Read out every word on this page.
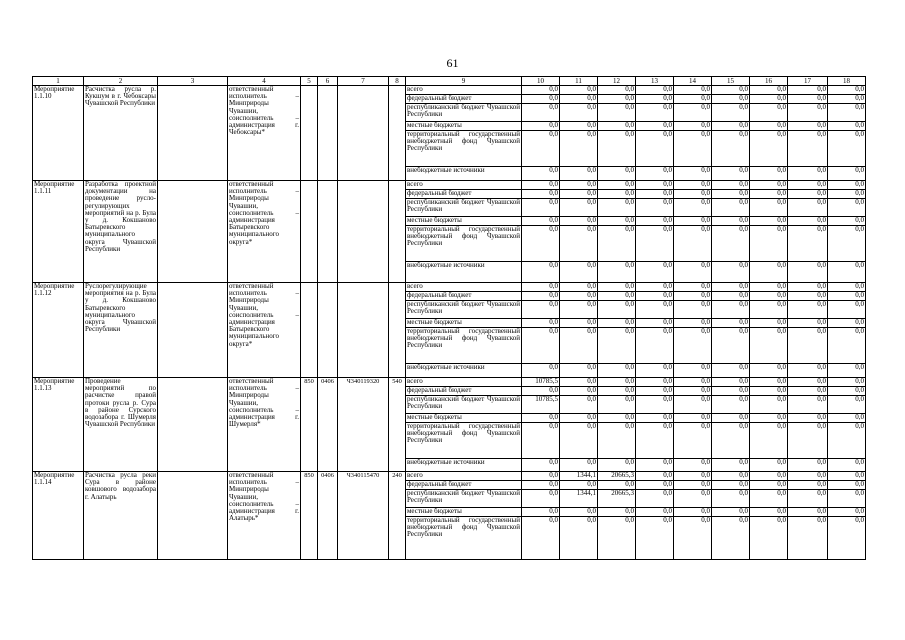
61
1	2	3	4	5	6	7	8	9	10	11	12	13	14	15	16	17	18
Мероприятие 1.1.10	Расчистка русла р. Кукшум в г. Чебоксары Чувашской Республики		ответственный исполнитель – Минприроды Чувашии, соисполнитель – администрация г. Чебоксары*					всего	0,0	0,0	0,0	0,0	0,0	0,0	0,0	0,0	0,0
								федеральный бюджет	0,0	0,0	0,0	0,0	0,0	0,0	0,0	0,0	0,0
								республиканский бюджет Чувашской Республики	0,0	0,0	0,0	0,0	0,0	0,0	0,0	0,0	0,0
								местные бюджеты	0,0	0,0	0,0	0,0	0,0	0,0	0,0	0,0	0,0
								территориальный государственный внебюджетный фонд Чувашской Республики	0,0	0,0	0,0	0,0	0,0	0,0	0,0	0,0	0,0
								внебюджетные источники	0,0	0,0	0,0	0,0	0,0	0,0	0,0	0,0	0,0
Мероприятие 1.1.11	Разработка проектной документации на проведение руслорегулирующих мероприятий на р. Була у д. Кокшаново Батыревского муниципального округа Чувашской Республики		ответственный исполнитель – Минприроды Чувашии, соисполнитель – администрация Батыревского муниципального округа*					всего	0,0	0,0	0,0	0,0	0,0	0,0	0,0	0,0	0,0
								федеральный бюджет	0,0	0,0	0,0	0,0	0,0	0,0	0,0	0,0	0,0
								республиканский бюджет Чувашской Республики	0,0	0,0	0,0	0,0	0,0	0,0	0,0	0,0	0,0
								местные бюджеты	0,0	0,0	0,0	0,0	0,0	0,0	0,0	0,0	0,0
								территориальный государственный внебюджетный фонд Чувашской Республики	0,0	0,0	0,0	0,0	0,0	0,0	0,0	0,0	0,0
								внебюджетные источники	0,0	0,0	0,0	0,0	0,0	0,0	0,0	0,0	0,0
Мероприятие 1.1.12	Руслорегулирующие мероприятия на р. Була у д. Кокшаново Батыревского муниципального округа Чувашской Республики		ответственный исполнитель – Минприроды Чувашии, соисполнитель – администрация Батыревского муниципального округа*					всего	0,0	0,0	0,0	0,0	0,0	0,0	0,0	0,0	0,0
								федеральный бюджет	0,0	0,0	0,0	0,0	0,0	0,0	0,0	0,0	0,0
								республиканский бюджет Чувашской Республики	0,0	0,0	0,0	0,0	0,0	0,0	0,0	0,0	0,0
								местные бюджеты	0,0	0,0	0,0	0,0	0,0	0,0	0,0	0,0	0,0
								территориальный государственный внебюджетный фонд Чувашской Республики	0,0	0,0	0,0	0,0	0,0	0,0	0,0	0,0	0,0
								внебюджетные источники	0,0	0,0	0,0	0,0	0,0	0,0	0,0	0,0	0,0
Мероприятие 1.1.13	Проведение мероприятий по расчистке правой протоки русла р. Сура в районе Сурского водозабора г. Шумерля Чувашской Республики		ответственный исполнитель – Минприроды Чувашии, соисполнитель – администрация г. Шумерля*	850	0406	Ч340119320	540	всего	10785,5	0,0	0,0	0,0	0,0	0,0	0,0	0,0	0,0
								федеральный бюджет	0,0	0,0	0,0	0,0	0,0	0,0	0,0	0,0	0,0
								республиканский бюджет Чувашской Республики	10785,5	0,0	0,0	0,0	0,0	0,0	0,0	0,0	0,0
								местные бюджеты	0,0	0,0	0,0	0,0	0,0	0,0	0,0	0,0	0,0
								территориальный государственный внебюджетный фонд Чувашской Республики	0,0	0,0	0,0	0,0	0,0	0,0	0,0	0,0	0,0
								внебюджетные источники	0,0	0,0	0,0	0,0	0,0	0,0	0,0	0,0	0,0
Мероприятие 1.1.14	Расчистка русла реки Сура в районе ковшового водозабора г. Алатырь		ответственный исполнитель – Минприроды Чувашии, соисполнитель – администрация г. Алатырь*	850	0406	Ч340115470	240	всего	0,0	1344,1	20665,3	0,0	0,0	0,0	0,0	0,0	0,0
								федеральный бюджет	0,0	0,0	0,0	0,0	0,0	0,0	0,0	0,0	0,0
								республиканский бюджет Чувашской Республики	0,0	1344,1	20665,3	0,0	0,0	0,0	0,0	0,0	0,0
								местные бюджеты	0,0	0,0	0,0	0,0	0,0	0,0	0,0	0,0	0,0
								территориальный государственный внебюджетный фонд Чувашской Республики	0,0	0,0	0,0	0,0	0,0	0,0	0,0	0,0	0,0
